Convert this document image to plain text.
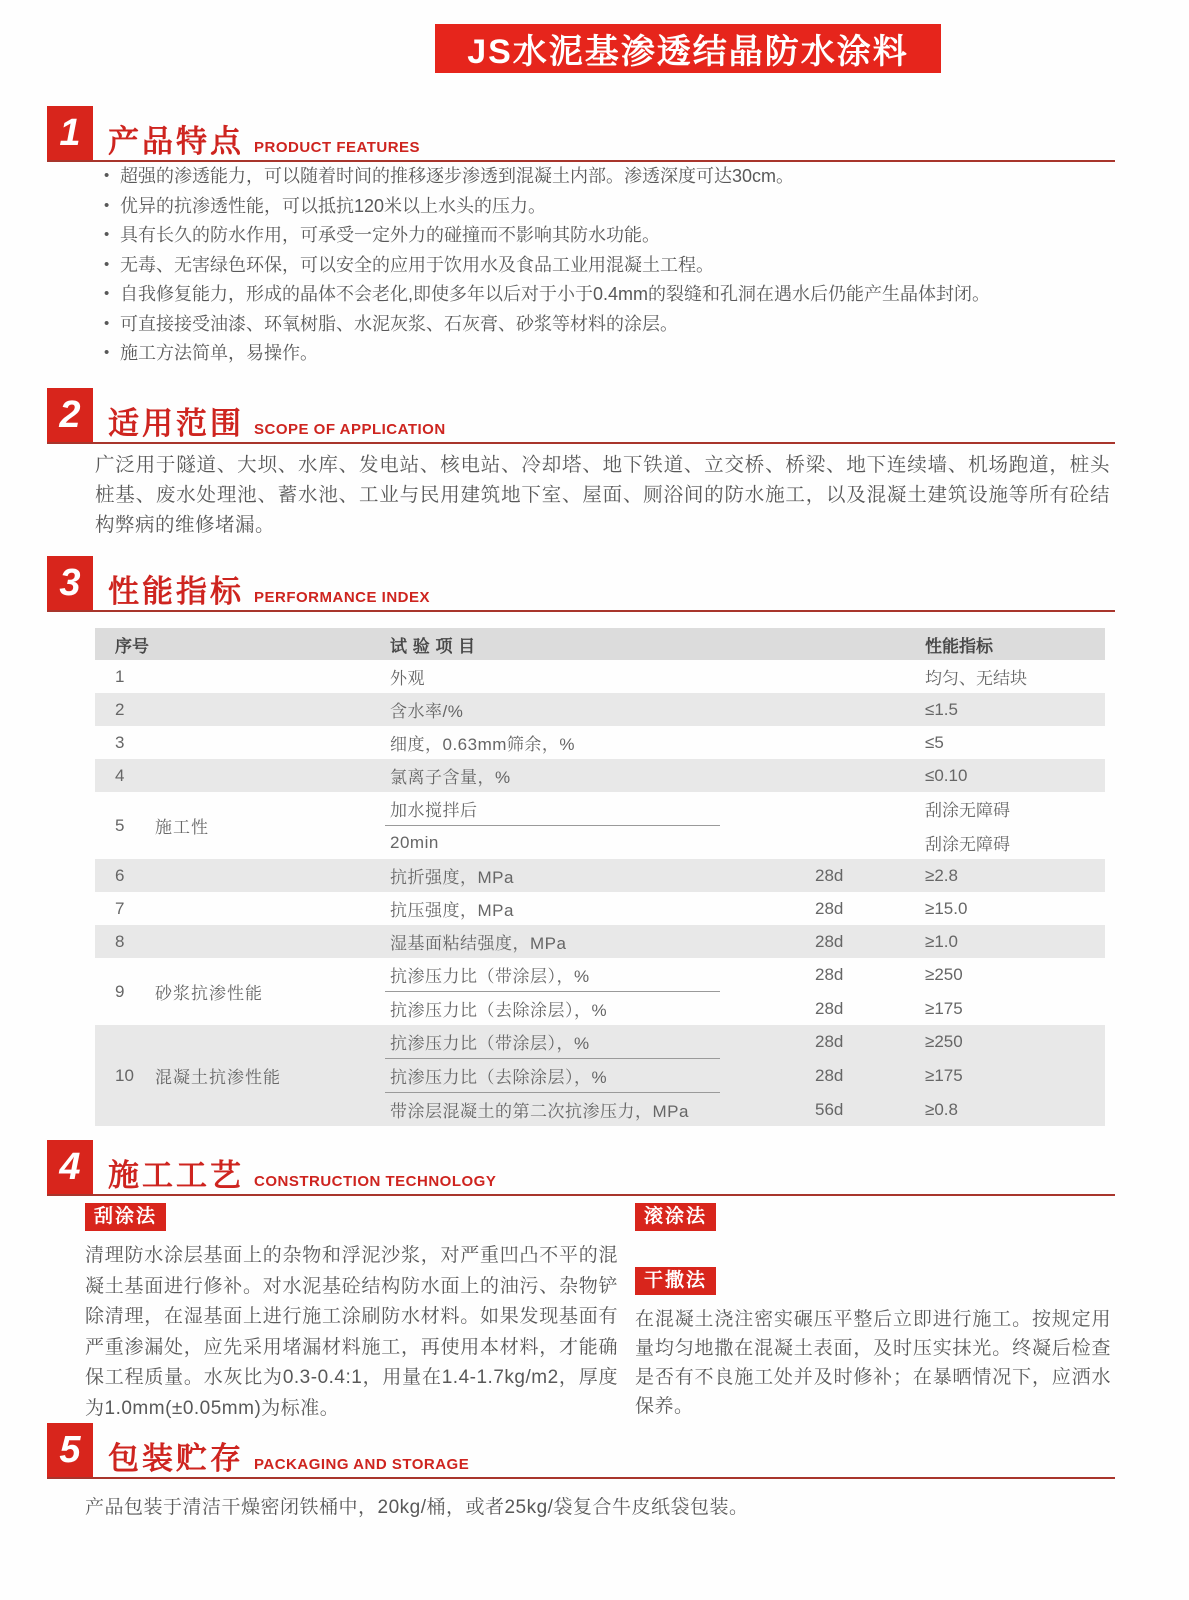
JS水泥基渗透结晶防水涂料
1 产品特点 PRODUCT FEATURES
• 超强的渗透能力，可以随着时间的推移逐步渗透到混凝土内部。渗透深度可达30cm。
• 优异的抗渗透性能，可以抵抗120米以上水头的压力。
• 具有长久的防水作用，可承受一定外力的碰撞而不影响其防水功能。
• 无毒、无害绿色环保，可以安全的应用于饮用水及食品工业用混凝土工程。
• 自我修复能力，形成的晶体不会老化,即使多年以后对于小于0.4mm的裂缝和孔洞在遇水后仍能产生晶体封闭。
• 可直接接受油漆、环氧树脂、水泥灰浆、石灰膏、砂浆等材料的涂层。
• 施工方法简单，易操作。
2 适用范围 SCOPE OF APPLICATION

广泛用于隧道、大坝、水库、发电站、核电站、冷却塔、地下铁道、立交桥、桥梁、地下连续墙、机场跑道，桩头桩基、废水处理池、蓄水池、工业与民用建筑地下室、屋面、厕浴间的防水施工，以及混凝土建筑设施等所有砼结构弊病的维修堵漏。

3 性能指标 PERFORMANCE INDEX
序号	试 验 项 目	性能指标
1	外观	均匀、无结块
2	含水率/%	≤1.5
3	细度，0.63mm筛余，%	≤5
4	氯离子含量，%	≤0.10
5	施工性
加水搅拌后	刮涂无障碍
20min	刮涂无障碍
6	抗折强度，MPa	28d	≥2.8
7	抗压强度，MPa	28d	≥15.0
8	湿基面粘结强度，MPa	28d	≥1.0
9	砂浆抗渗性能
抗渗压力比（带涂层），%	28d	≥250
抗渗压力比（去除涂层），%	28d	≥175
10	混凝土抗渗性能
抗渗压力比（带涂层），%	28d	≥250
抗渗压力比（去除涂层），%	28d	≥175
带涂层混凝土的第二次抗渗压力，MPa	56d	≥0.8
4 施工工艺 CONSTRUCTION TECHNOLOGY
刮涂法

清理防水涂层基面上的杂物和浮泥沙浆，对严重凹凸不平的混凝土基面进行修补。对水泥基砼结构防水面上的油污、杂物铲除清理，在湿基面上进行施工涂刷防水材料。如果发现基面有严重渗漏处，应先采用堵漏材料施工，再使用本材料，才能确保工程质量。水灰比为0.3-0.4:1，用量在1.4-1.7kg/m2，厚度为1.0mm(±0.05mm)为标准。

滚涂法
干撒法

在混凝土浇注密实碾压平整后立即进行施工。按规定用量均匀地撒在混凝土表面，及时压实抹光。终凝后检查是否有不良施工处并及时修补；在暴晒情况下，应洒水保养。

5 包装贮存 PACKAGING AND STORAGE

产品包装于清洁干燥密闭铁桶中，20kg/桶，或者25kg/袋复合牛皮纸袋包装。
